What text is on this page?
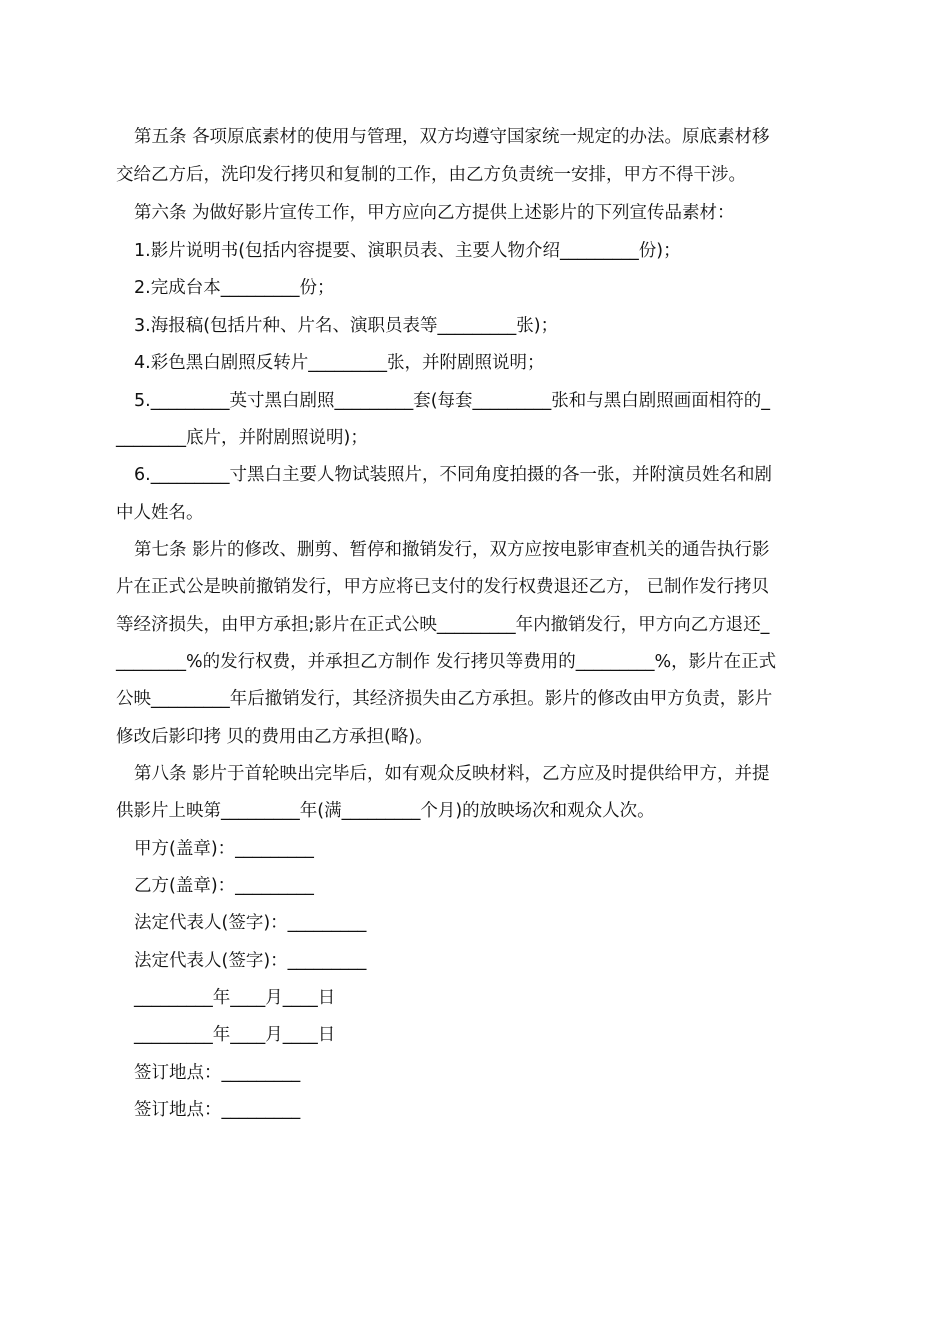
第五条 各项原底素材的使用与管理，双方均遵守国家统一规定的办法。原底素材移

交给乙方后，洗印发行拷贝和复制的工作，由乙方负责统一安排，甲方不得干涉。

第六条 为做好影片宣传工作，甲方应向乙方提供上述影片的下列宣传品素材：

1.影片说明书(包括内容提要、演职员表、主要人物介绍_________份)；

2.完成台本_________份；

3.海报稿(包括片种、片名、演职员表等_________张)；

4.彩色黑白剧照反转片_________张，并附剧照说明；

5._________英寸黑白剧照_________套(每套_________张和与黑白剧照画面相符的_

________底片，并附剧照说明)；

6._________寸黑白主要人物试装照片，不同角度拍摄的各一张，并附演员姓名和剧

中人姓名。

第七条 影片的修改、删剪、暂停和撤销发行，双方应按电影审查机关的通告执行影

片在正式公是映前撤销发行，甲方应将已支付的发行权费退还乙方， 已制作发行拷贝

等经济损失，由甲方承担;影片在正式公映_________年内撤销发行，甲方向乙方退还_

________%的发行权费，并承担乙方制作 发行拷贝等费用的_________%，影片在正式

公映_________年后撤销发行，其经济损失由乙方承担。影片的修改由甲方负责，影片

修改后影印拷 贝的费用由乙方承担(略)。

第八条 影片于首轮映出完毕后，如有观众反映材料，乙方应及时提供给甲方，并提

供影片上映第_________年(满_________个月)的放映场次和观众人次。

甲方(盖章)：_________

乙方(盖章)：_________

法定代表人(签字)：_________

法定代表人(签字)：_________

_________年____月____日

_________年____月____日

签订地点：_________

签订地点：_________
